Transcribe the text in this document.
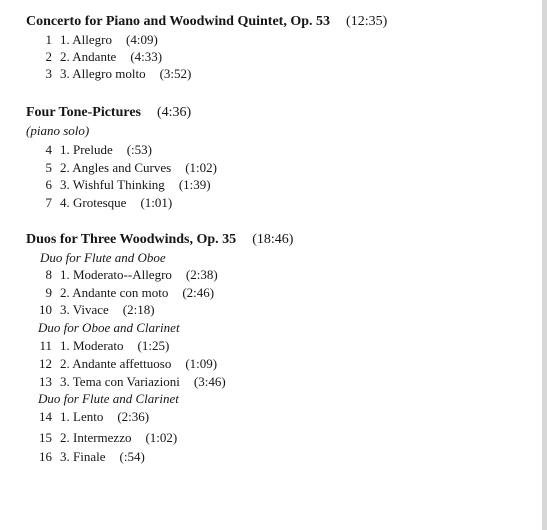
Concerto for Piano and Woodwind Quintet, Op. 53 (12:35)
1 1. Allegro (4:09)
2 2. Andante (4:33)
3 3. Allegro molto (3:52)
Four Tone-Pictures (4:36)
(piano solo)
4 1. Prelude (:53)
5 2. Angles and Curves (1:02)
6 3. Wishful Thinking (1:39)
7 4. Grotesque (1:01)
Duos for Three Woodwinds, Op. 35 (18:46)
Duo for Flute and Oboe
8 1. Moderato--Allegro (2:38)
9 2. Andante con moto (2:46)
10 3. Vivace (2:18)
Duo for Oboe and Clarinet
11 1. Moderato (1:25)
12 2. Andante affettuoso (1:09)
13 3. Tema con Variazioni (3:46)
Duo for Flute and Clarinet
14 1. Lento (2:36)
15 2. Intermezzo (1:02)
16 3. Finale (:54)
